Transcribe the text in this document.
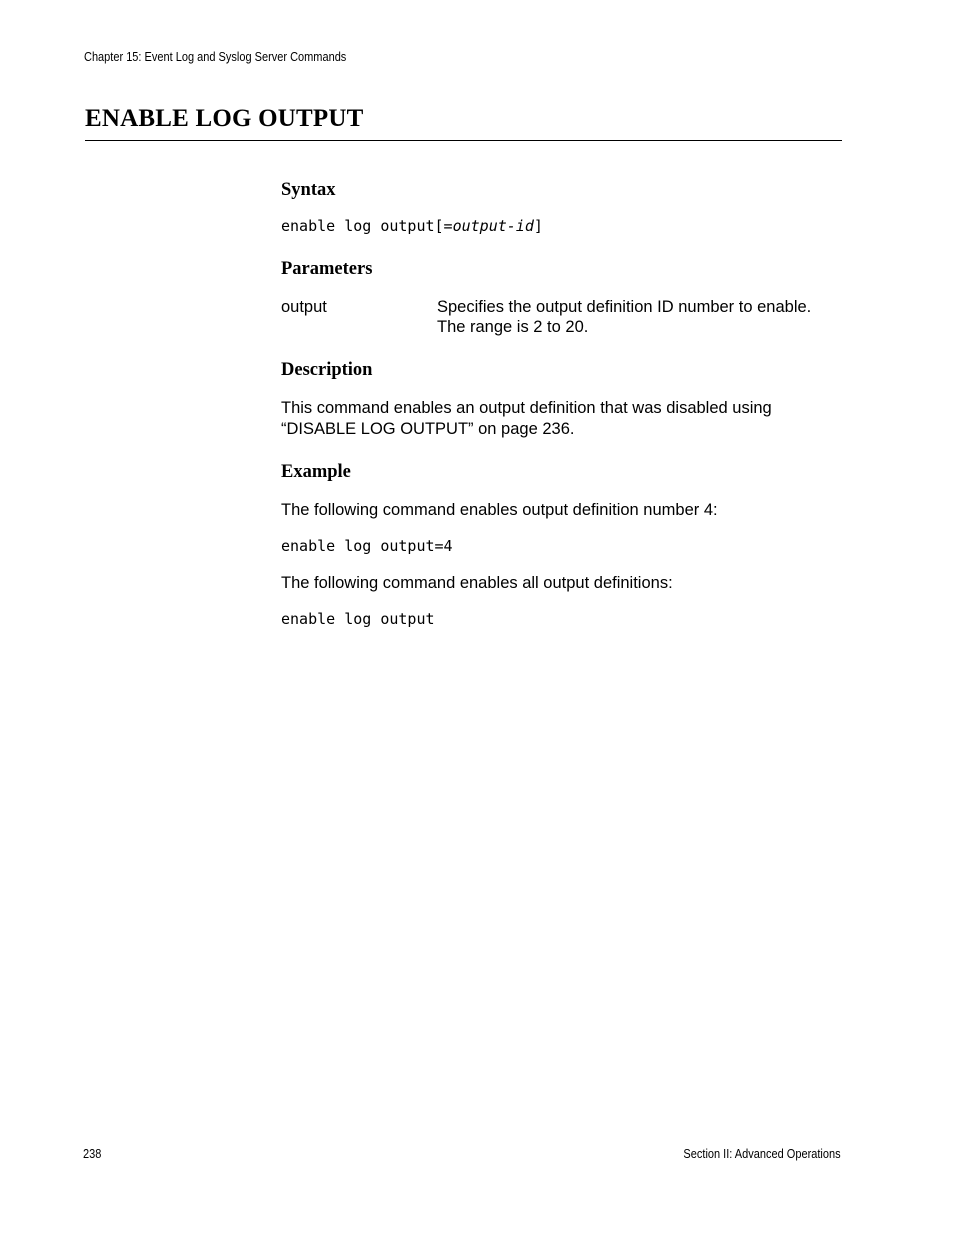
Chapter 15: Event Log and Syslog Server Commands
ENABLE LOG OUTPUT
Syntax
enable log output[=output-id]
Parameters
output	Specifies the output definition ID number to enable.
The range is 2 to 20.
Description
This command enables an output definition that was disabled using
“DISABLE LOG OUTPUT” on page 236.
Example
The following command enables output definition number 4:
enable log output=4
The following command enables all output definitions:
enable log output
238	Section II: Advanced Operations
